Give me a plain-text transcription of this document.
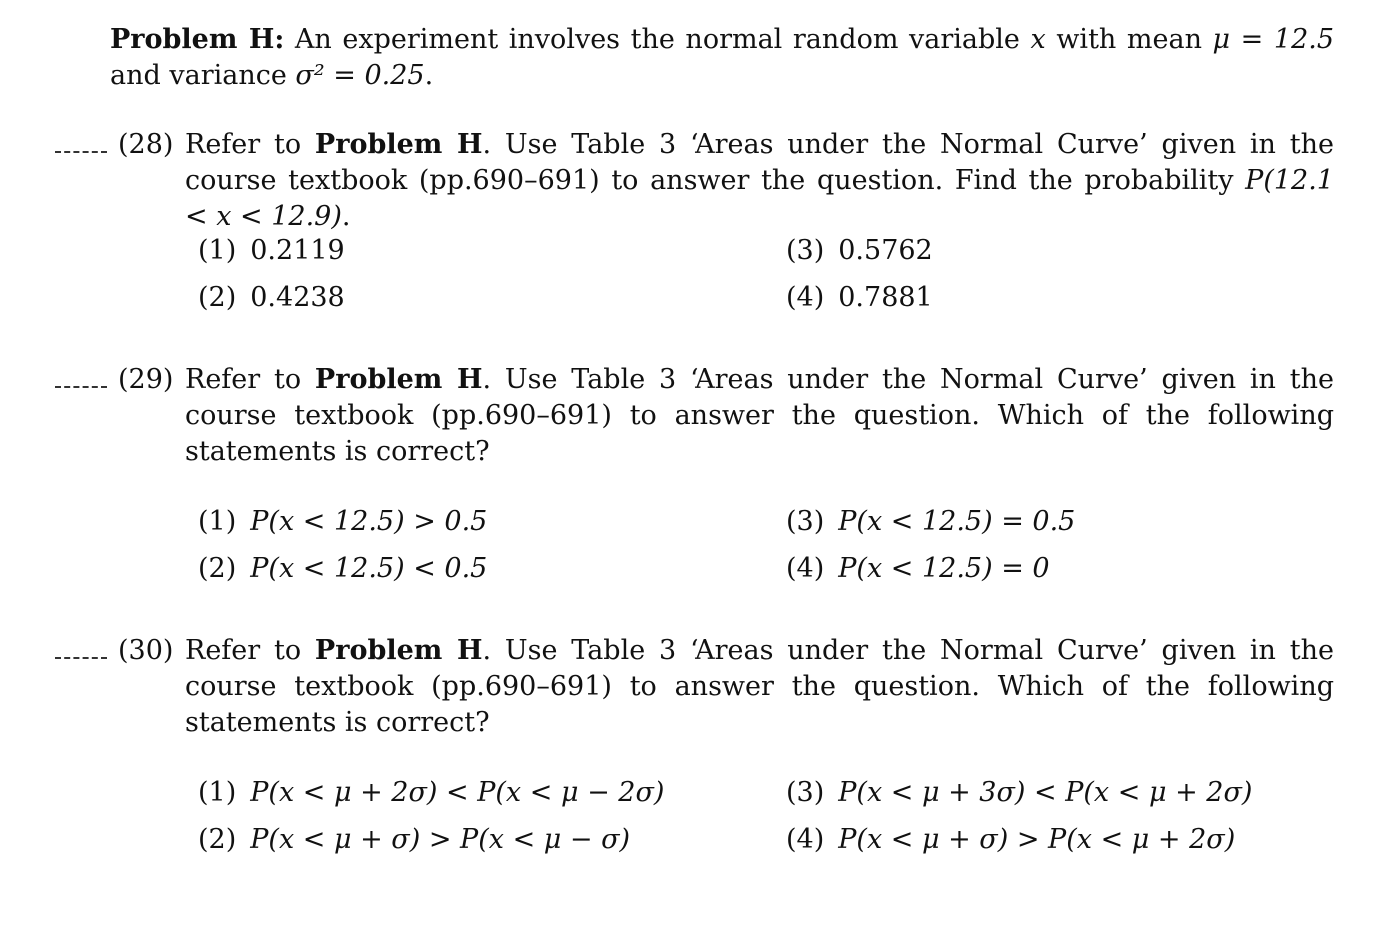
Problem H: An experiment involves the normal random variable x with mean μ = 12.5 and variance σ² = 0.25.
(28) Refer to Problem H. Use Table 3 ‘Areas under the Normal Curve’ given in the course textbook (pp.690–691) to answer the question. Find the probability P(12.1 < x < 12.9).
(1) 0.2119
(2) 0.4238
(3) 0.5762
(4) 0.7881
(29) Refer to Problem H. Use Table 3 ‘Areas under the Normal Curve’ given in the course textbook (pp.690–691) to answer the question. Which of the following statements is correct?
(1) P(x < 12.5) > 0.5
(2) P(x < 12.5) < 0.5
(3) P(x < 12.5) = 0.5
(4) P(x < 12.5) = 0
(30) Refer to Problem H. Use Table 3 ‘Areas under the Normal Curve’ given in the course textbook (pp.690–691) to answer the question. Which of the following statements is correct?
(1) P(x < μ + 2σ) < P(x < μ − 2σ)
(2) P(x < μ + σ) > P(x < μ − σ)
(3) P(x < μ + 3σ) < P(x < μ + 2σ)
(4) P(x < μ + σ) > P(x < μ + 2σ)
